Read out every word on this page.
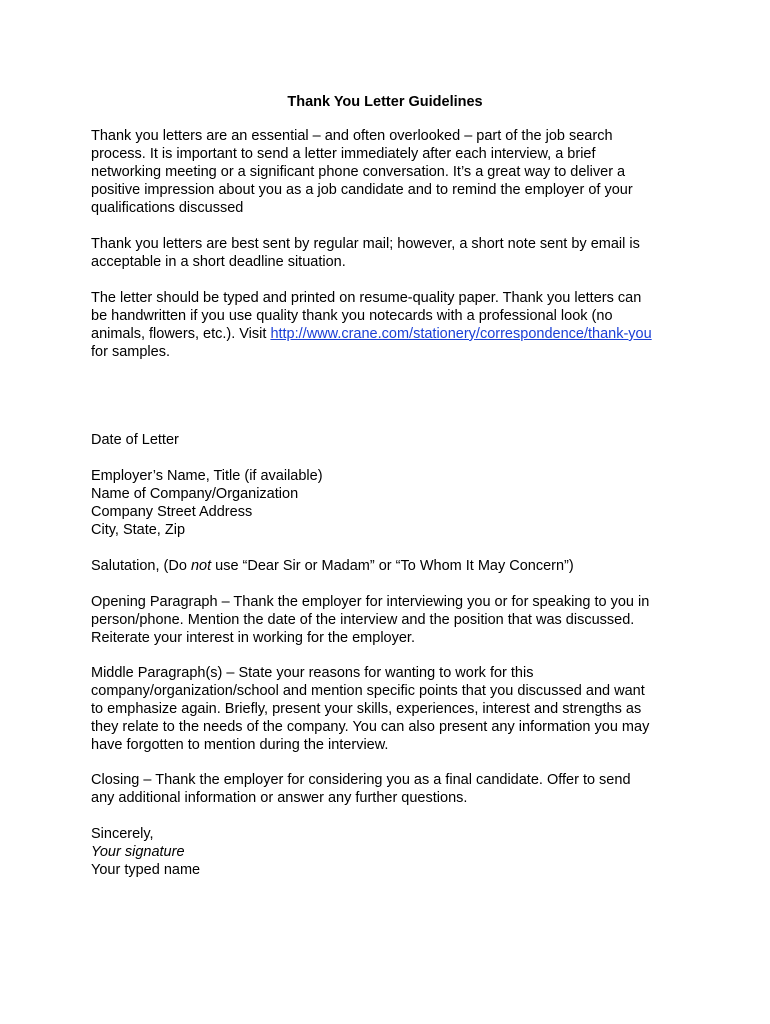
Thank You Letter Guidelines
Thank you letters are an essential – and often overlooked – part of the job search
process. It is important to send a letter immediately after each interview, a brief
networking meeting or a significant phone conversation. It’s a great way to deliver a
positive impression about you as a job candidate and to remind the employer of your
qualifications discussed
Thank you letters are best sent by regular mail; however, a short note sent by email is
acceptable in a short deadline situation.
The letter should be typed and printed on resume-quality paper. Thank you letters can
be handwritten if you use quality thank you notecards with a professional look (no
animals, flowers, etc.). Visit http://www.crane.com/stationery/correspondence/thank-you
for samples.
Date of Letter
Employer’s Name, Title (if available)
Name of Company/Organization
Company Street Address
City, State, Zip
Salutation, (Do not use “Dear Sir or Madam” or “To Whom It May Concern”)
Opening Paragraph – Thank the employer for interviewing you or for speaking to you in
person/phone. Mention the date of the interview and the position that was discussed.
Reiterate your interest in working for the employer.
Middle Paragraph(s) – State your reasons for wanting to work for this
company/organization/school and mention specific points that you discussed and want
to emphasize again. Briefly, present your skills, experiences, interest and strengths as
they relate to the needs of the company. You can also present any information you may
have forgotten to mention during the interview.
Closing – Thank the employer for considering you as a final candidate. Offer to send
any additional information or answer any further questions.
Sincerely,
Your signature
Your typed name
